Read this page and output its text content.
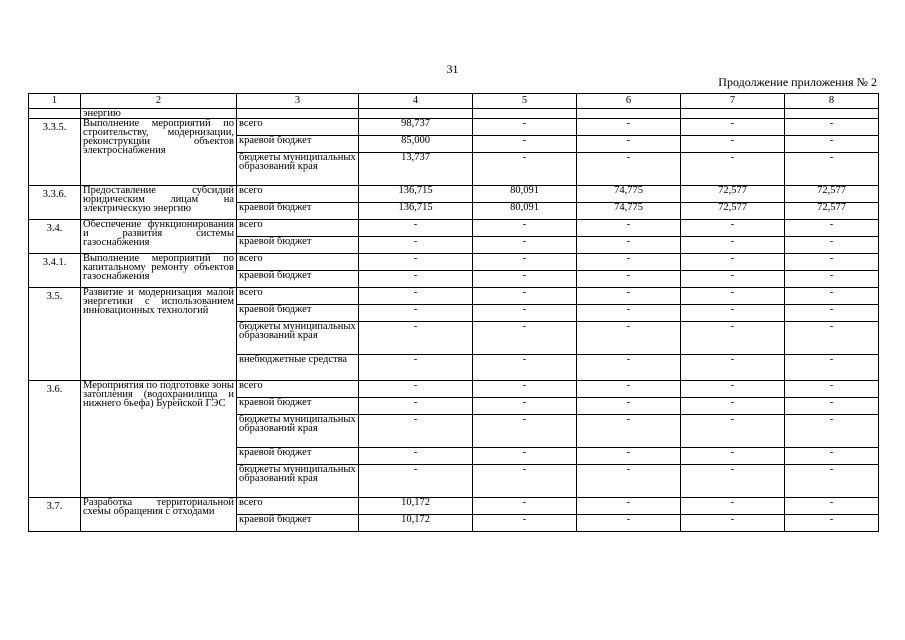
31
Продолжение приложения № 2
1	2	3	4	5	6	7	8
	энергию						
3.3.5.	Выполнение мероприятий по строительству, модернизации, реконструкции объектов электроснабжения	всего	98,737	-	-	-	-
		краевой бюджет	85,000	-	-	-	-
		бюджеты муниципальных образований края	13,737	-	-	-	-
3.3.6.	Предоставление субсидий юридическим лицам на электрическую энергию	всего	136,715	80,091	74,775	72,577	72,577
		краевой бюджет	136,715	80,091	74,775	72,577	72,577
3.4.	Обеспечение функционирования и развития системы газоснабжения	всего	-	-	-	-	-
		краевой бюджет	-	-	-	-	-
3.4.1.	Выполнение мероприятий по капитальному ремонту объектов газоснабжения	всего	-	-	-	-	-
		краевой бюджет	-	-	-	-	-
3.5.	Развитие и модернизация малой энергетики с использованием инновационных технологий	всего	-	-	-	-	-
		краевой бюджет	-	-	-	-	-
		бюджеты муниципальных образований края	-	-	-	-	-
		внебюджетные средства	-	-	-	-	-
3.6.	Мероприятия по подготовке зоны затопления (водохранилища и нижнего бьефа) Бурейской ГЭС	всего	-	-	-	-	-
		краевой бюджет	-	-	-	-	-
		бюджеты муниципальных образований края	-	-	-	-	-
		краевой бюджет	-	-	-	-	-
		бюджеты муниципальных образований края	-	-	-	-	-
3.7.	Разработка территориальной схемы обращения с отходами	всего	10,172	-	-	-	-
		краевой бюджет	10,172	-	-	-	-
